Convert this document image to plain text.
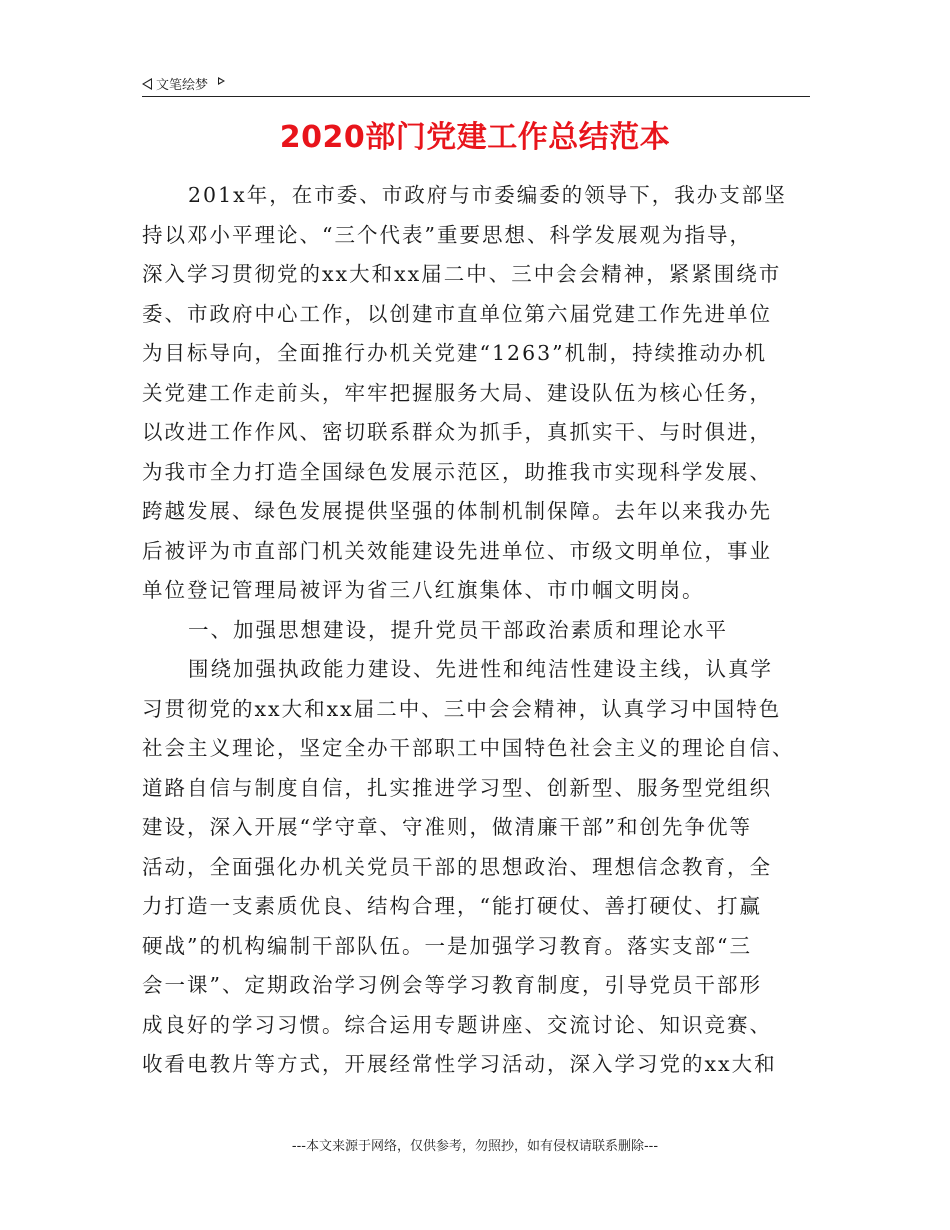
文笔绘梦
2020部门党建工作总结范本
201x年，在市委、市政府与市委编委的领导下，我办支部坚
持以邓小平理论、“三个代表”重要思想、科学发展观为指导，
深入学习贯彻党的xx大和xx届二中、三中会会精神，紧紧围绕市
委、市政府中心工作，以创建市直单位第六届党建工作先进单位
为目标导向，全面推行办机关党建“1263”机制，持续推动办机
关党建工作走前头，牢牢把握服务大局、建设队伍为核心任务，
以改进工作作风、密切联系群众为抓手，真抓实干、与时俱进，
为我市全力打造全国绿色发展示范区，助推我市实现科学发展、
跨越发展、绿色发展提供坚强的体制机制保障。去年以来我办先
后被评为市直部门机关效能建设先进单位、市级文明单位，事业
单位登记管理局被评为省三八红旗集体、市巾帼文明岗。
一、加强思想建设，提升党员干部政治素质和理论水平
围绕加强执政能力建设、先进性和纯洁性建设主线，认真学
习贯彻党的xx大和xx届二中、三中会会精神，认真学习中国特色
社会主义理论，坚定全办干部职工中国特色社会主义的理论自信、
道路自信与制度自信，扎实推进学习型、创新型、服务型党组织
建设，深入开展“学守章、守准则，做清廉干部”和创先争优等
活动，全面强化办机关党员干部的思想政治、理想信念教育，全
力打造一支素质优良、结构合理，“能打硬仗、善打硬仗、打赢
硬战”的机构编制干部队伍。一是加强学习教育。落实支部“三
会一课”、定期政治学习例会等学习教育制度，引导党员干部形
成良好的学习习惯。综合运用专题讲座、交流讨论、知识竞赛、
收看电教片等方式，开展经常性学习活动，深入学习党的xx大和
---本文来源于网络，仅供参考，勿照抄，如有侵权请联系删除---
